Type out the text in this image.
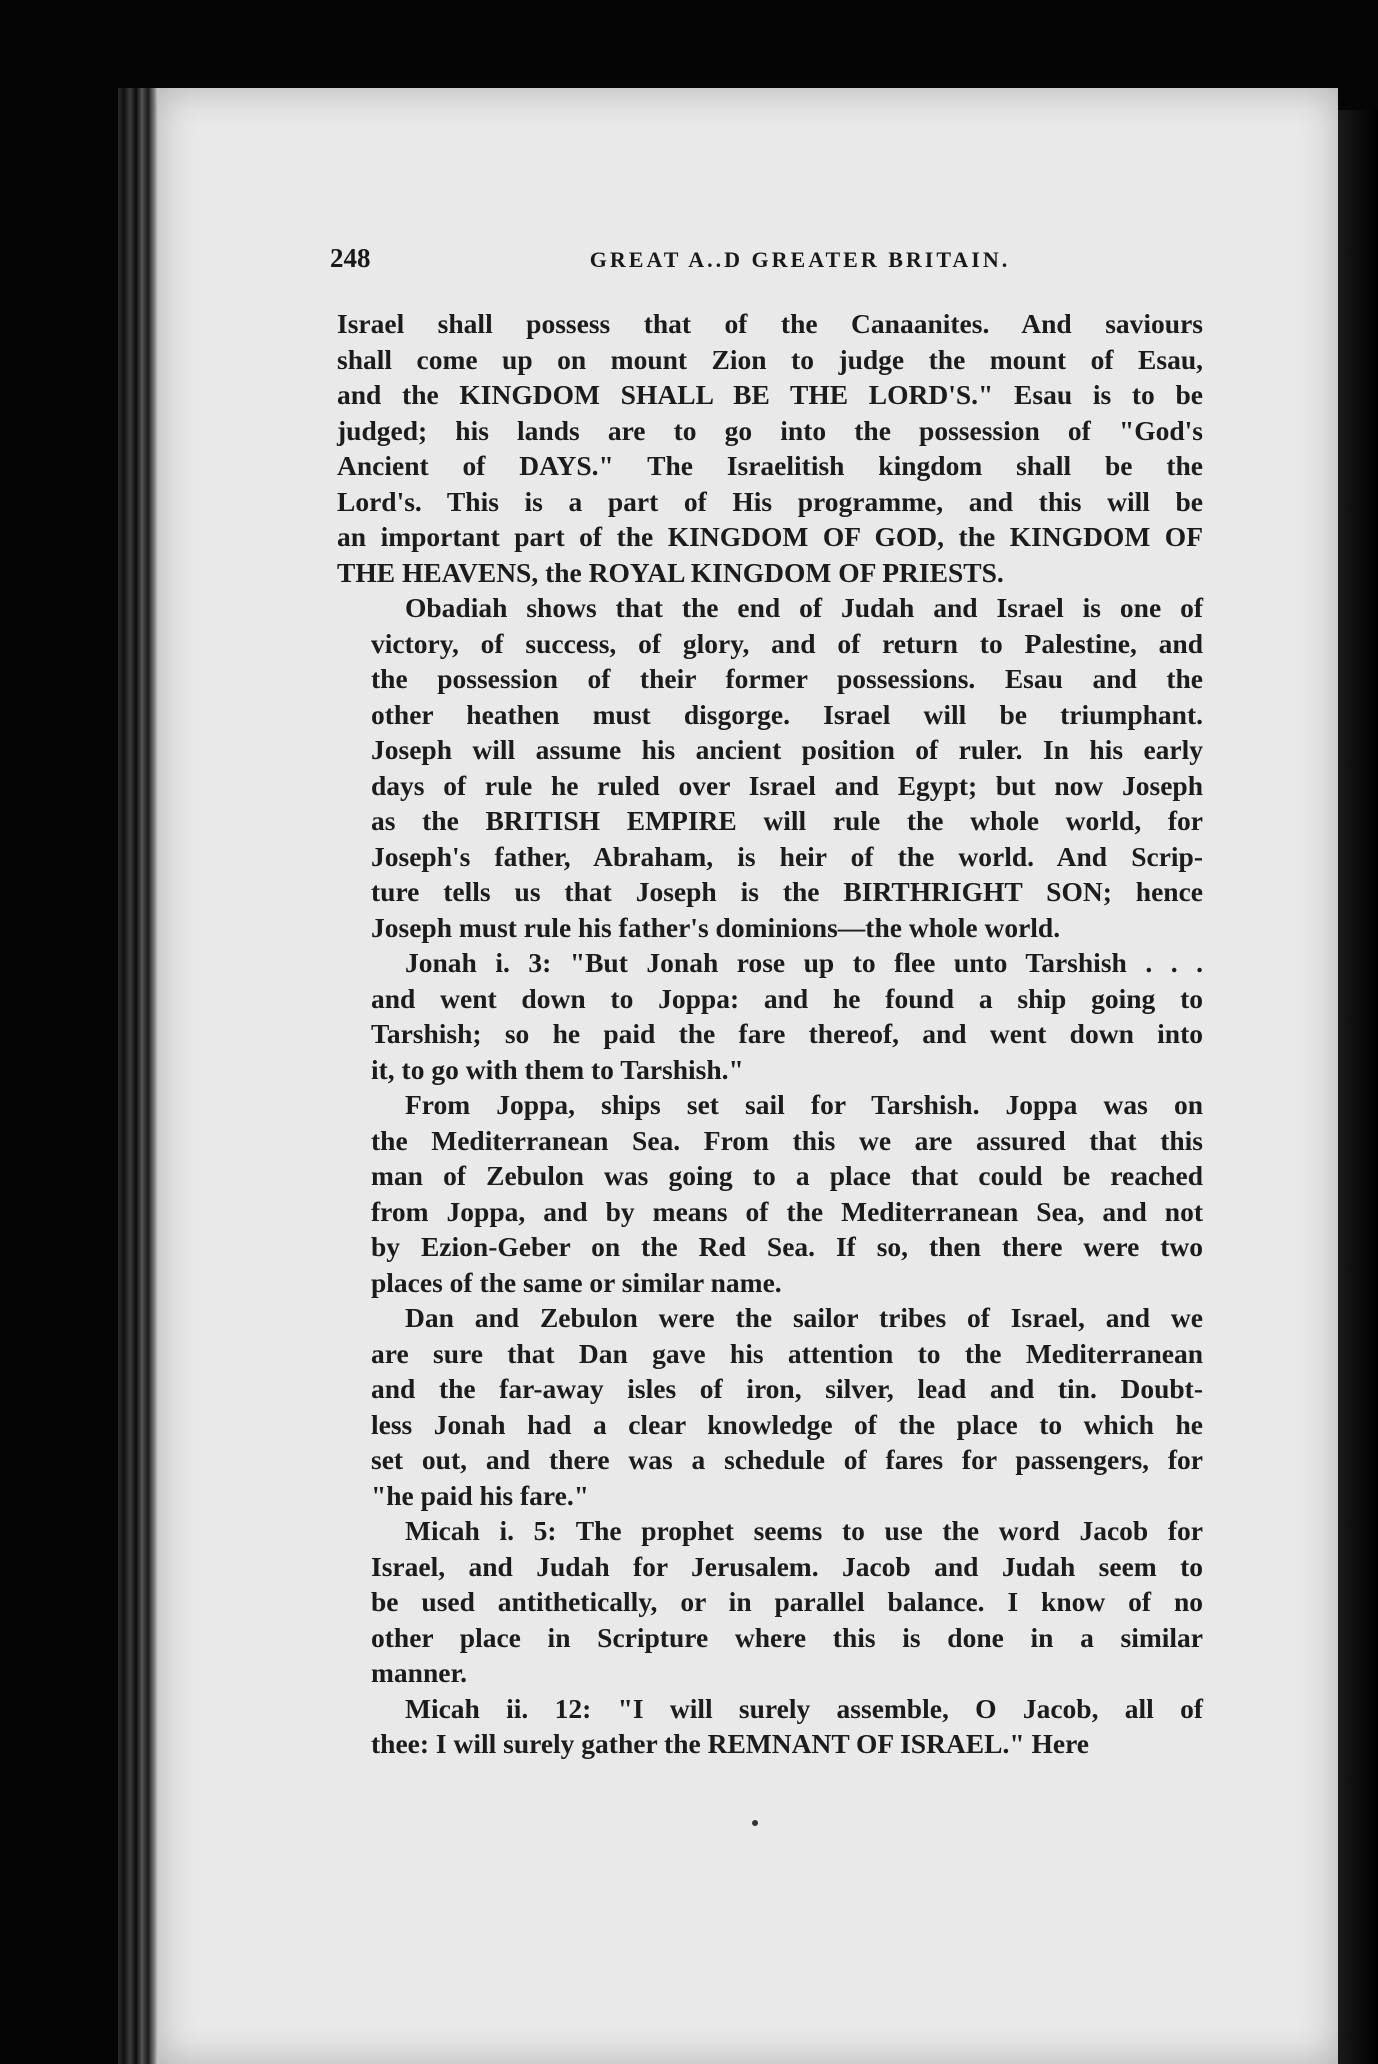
248	GREAT A..D GREATER BRITAIN.
Israel shall possess that of the Canaanites. And saviours
shall come up on mount Zion to judge the mount of Esau,
and the KINGDOM SHALL BE THE LORD'S." Esau is to be
judged; his lands are to go into the possession of "God's
Ancient of DAYS." The Israelitish kingdom shall be the
Lord's. This is a part of His programme, and this will be
an important part of the KINGDOM OF GOD, the KINGDOM OF
THE HEAVENS, the ROYAL KINGDOM OF PRIESTS.
Obadiah shows that the end of Judah and Israel is one of
victory, of success, of glory, and of return to Palestine, and
the possession of their former possessions. Esau and the
other heathen must disgorge. Israel will be triumphant.
Joseph will assume his ancient position of ruler. In his early
days of rule he ruled over Israel and Egypt; but now Joseph
as the BRITISH EMPIRE will rule the whole world, for
Joseph's father, Abraham, is heir of the world. And Scrip-
ture tells us that Joseph is the BIRTHRIGHT SON; hence
Joseph must rule his father's dominions—the whole world.
Jonah i. 3: "But Jonah rose up to flee unto Tarshish . . .
and went down to Joppa: and he found a ship going to
Tarshish; so he paid the fare thereof, and went down into
it, to go with them to Tarshish."
From Joppa, ships set sail for Tarshish. Joppa was on
the Mediterranean Sea. From this we are assured that this
man of Zebulon was going to a place that could be reached
from Joppa, and by means of the Mediterranean Sea, and not
by Ezion-Geber on the Red Sea. If so, then there were two
places of the same or similar name.
Dan and Zebulon were the sailor tribes of Israel, and we
are sure that Dan gave his attention to the Mediterranean
and the far-away isles of iron, silver, lead and tin. Doubt-
less Jonah had a clear knowledge of the place to which he
set out, and there was a schedule of fares for passengers, for
"he paid his fare."
Micah i. 5: The prophet seems to use the word Jacob for
Israel, and Judah for Jerusalem. Jacob and Judah seem to
be used antithetically, or in parallel balance. I know of no
other place in Scripture where this is done in a similar
manner.
Micah ii. 12: "I will surely assemble, O Jacob, all of
thee: I will surely gather the REMNANT OF ISRAEL." Here
